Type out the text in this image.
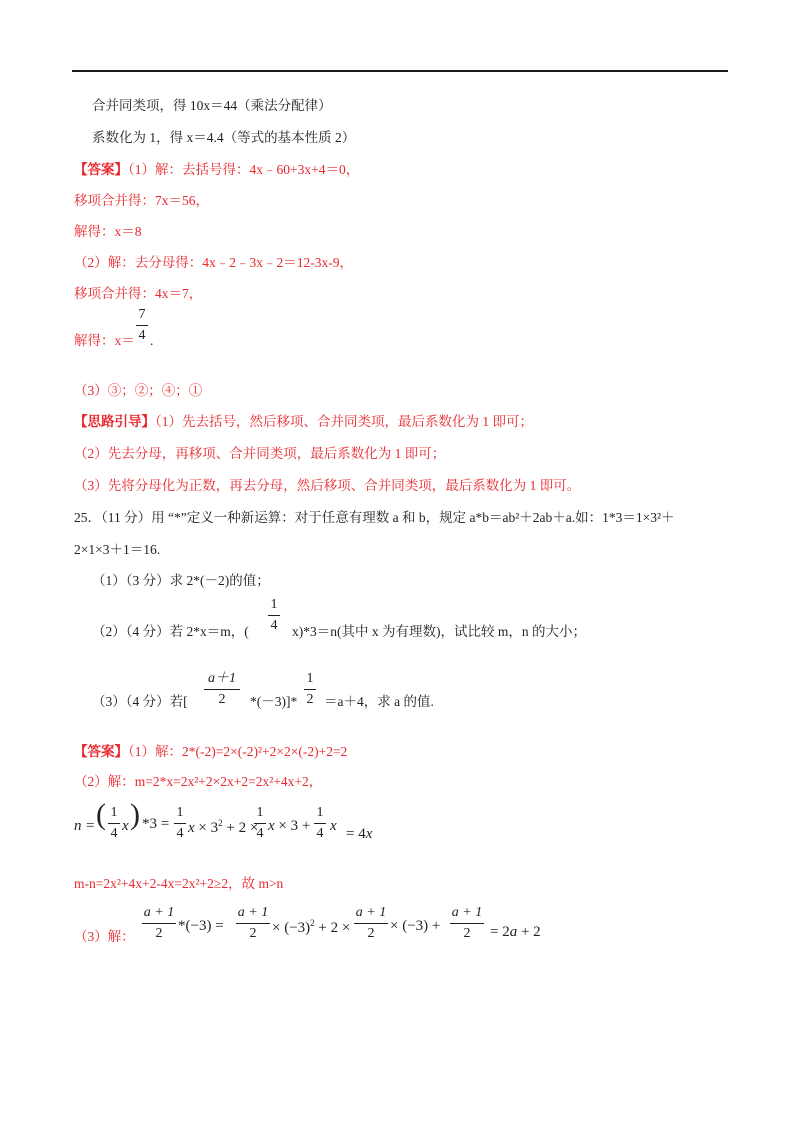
合并同类项，得 10x＝44（乘法分配律）
系数化为 1，得 x＝4.4（等式的基本性质 2）
【答案】（1）解：去括号得：4x﹣60+3x+4＝0，
移项合并得：7x＝56，
解得：x＝8
（2）解：去分母得：4x﹣2﹣3x﹣2＝12-3x-9，
移项合并得：4x＝7，
解得：x＝
7
4 .
（3）③；②；④；①
【思路引导】（1）先去括号，然后移项、合并同类项，最后系数化为 1 即可；
（2）先去分母，再移项、合并同类项，最后系数化为 1 即可；
（3）先将分母化为正数，再去分母，然后移项、合并同类项，最后系数化为 1 即可。
25．（11 分）用 “*”定义一种新运算：对于任意有理数 a 和 b，规定 a*b＝ab²＋2ab＋a.如：1*3＝1×3²＋
2×1×3＋1＝16.
（1）（3 分）求 2*(－2)的值；
（2）（4 分）若 2*x＝m，(
1
4 x)*3＝n(其中 x 为有理数)，试比较 m，n 的大小；
（3）（4 分）若[
a＋1
2	*(－3)]*
1
2 ＝a＋4，求 a 的值.
【答案】（1）解：2*(-2)=2×(-2)²+2×2×(-2)+2=2
（2）解：m=2*x=2x²+2×2x+2=2x²+4x+2，
n = ( 1
4 x ) *3 =
1
4 $x \times 3^2 + 2$ ×
1
4 x × 3 +
1
4 x = 4x
m-n=2x²+4x+2-4x=2x²+2≥2，故 m>n
（3）解：
a + 1
2	*(−3) =
a + 1
2	× $(-3)^2 + 2$ ×
a + 1
2	× (−3) +
a + 1
2	= 2a + 2
